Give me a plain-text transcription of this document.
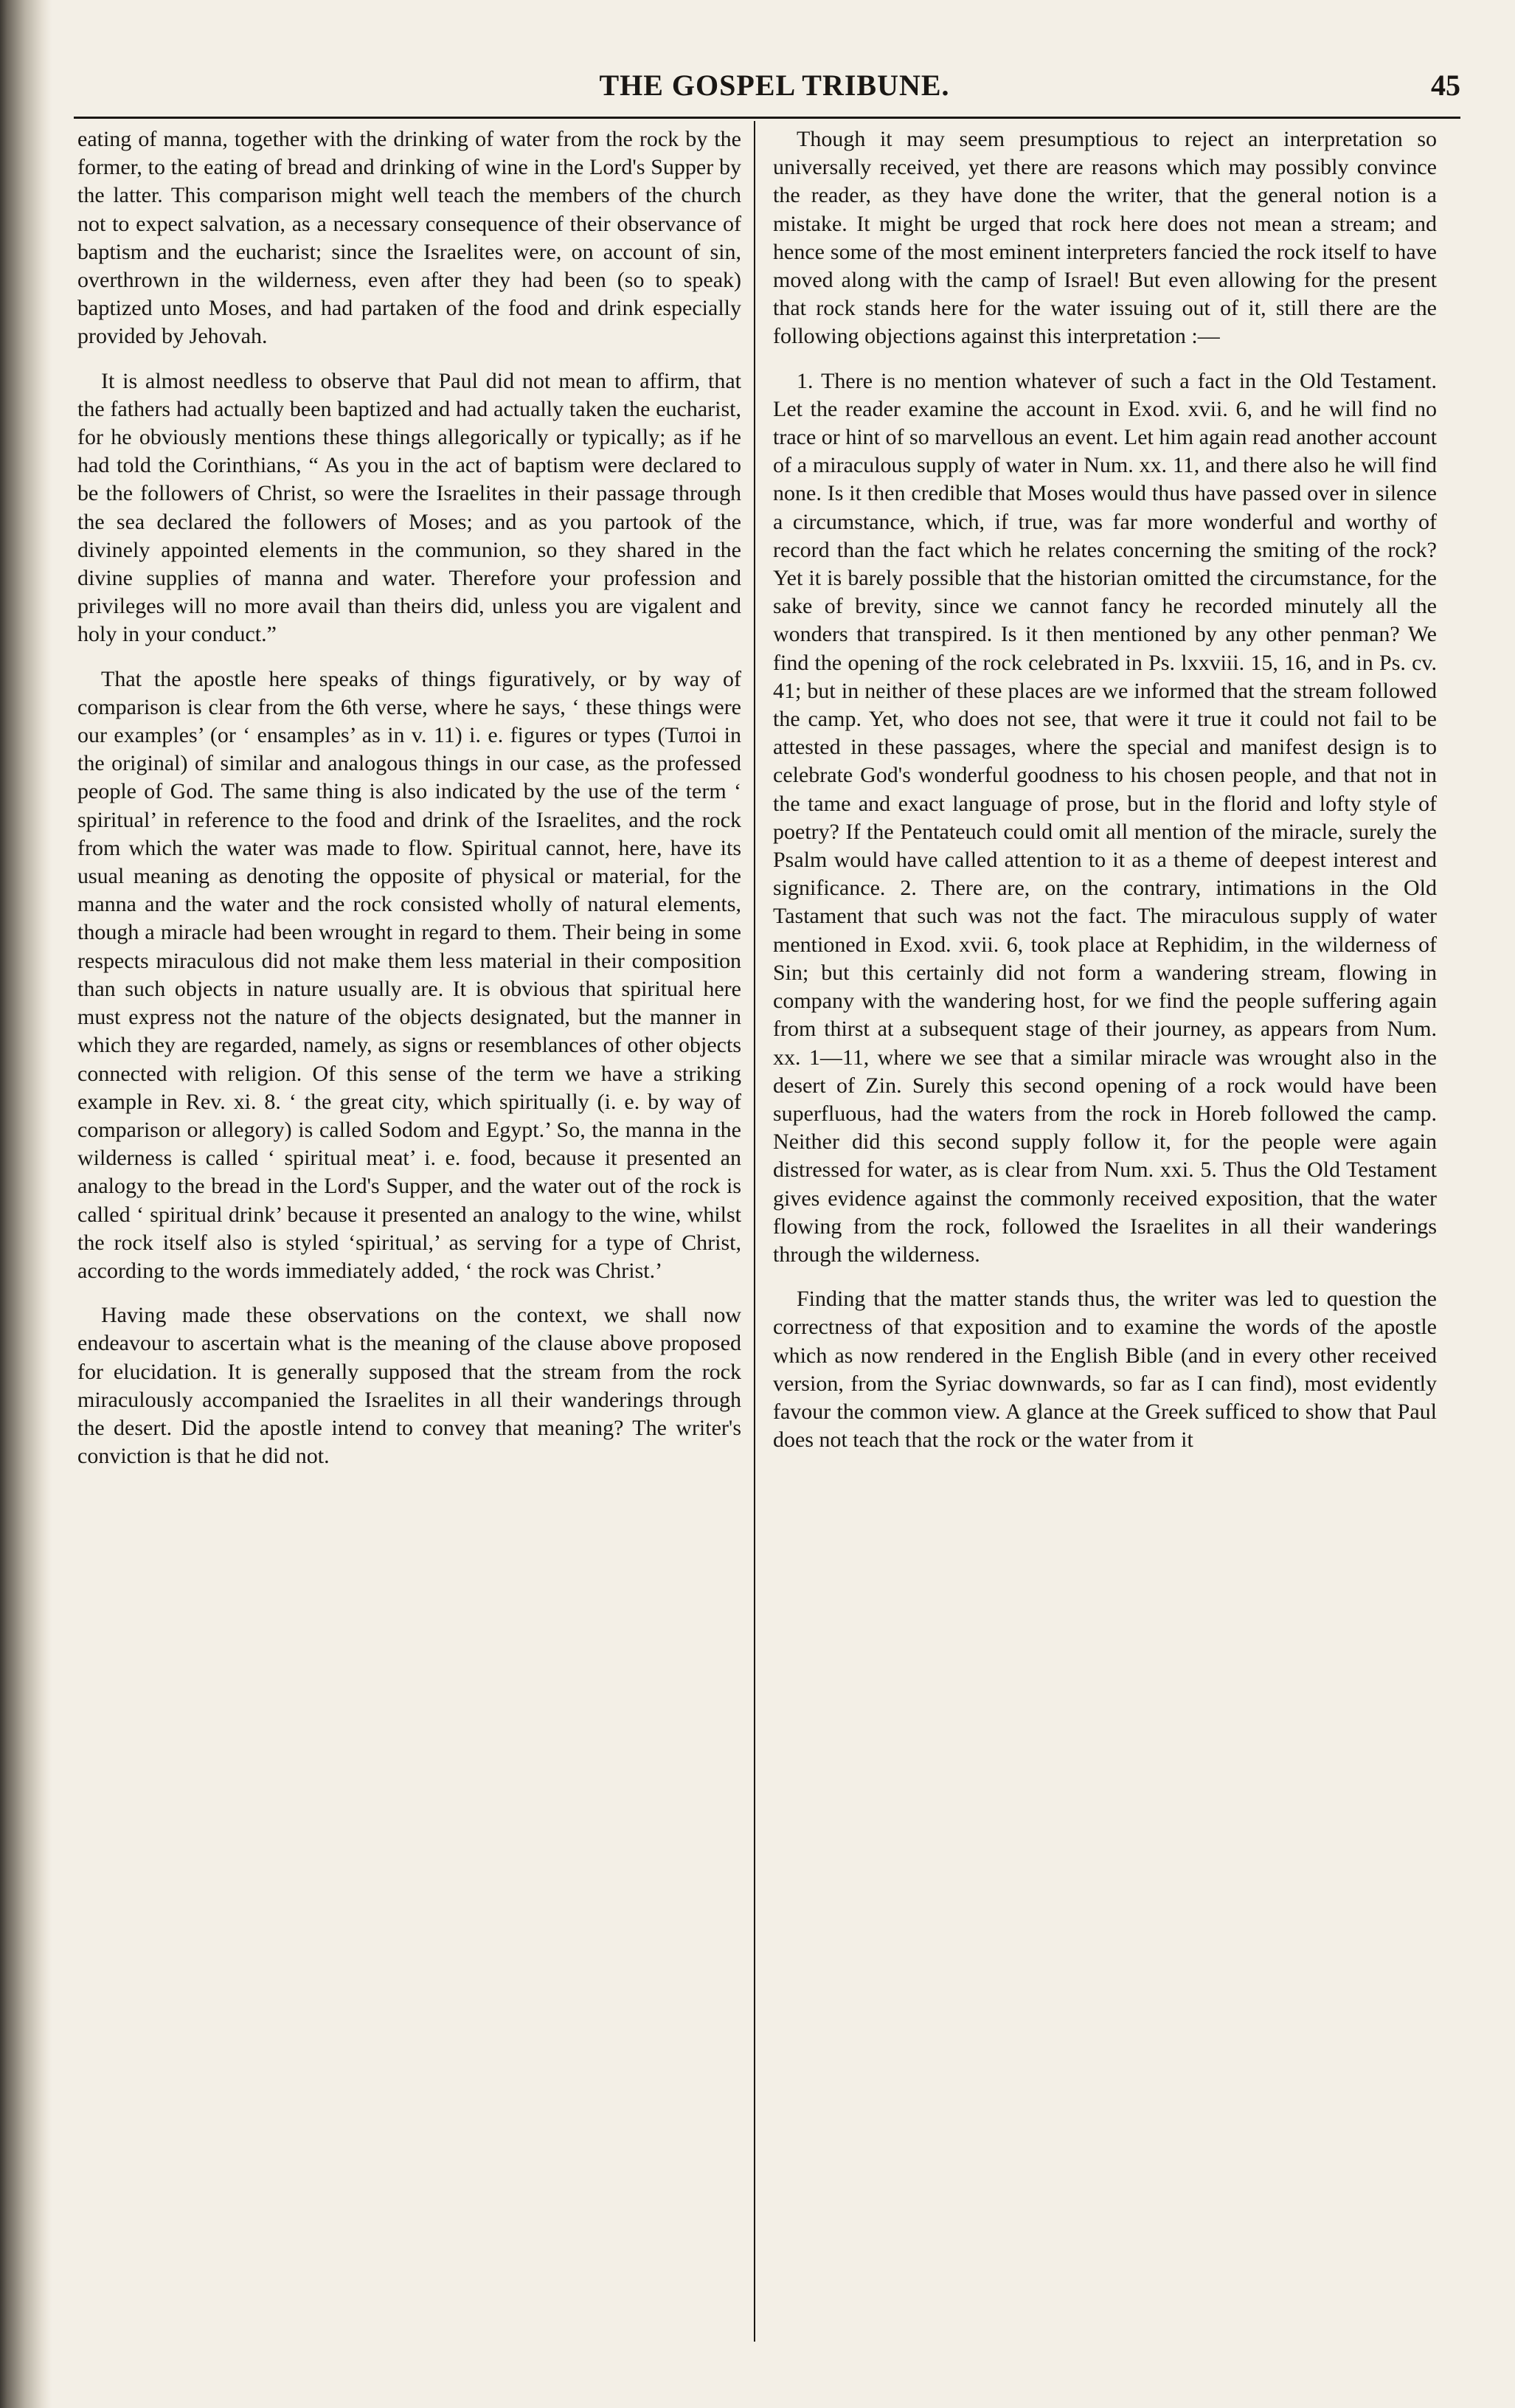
THE GOSPEL TRIBUNE.	45

eating of manna, together with the drinking of water from the rock by the former, to the eating of bread and drinking of wine in the Lord's Supper by the latter. This comparison might well teach the members of the church not to expect salvation, as a necessary consequence of their observance of baptism and the eucharist; since the Israelites were, on account of sin, overthrown in the wilderness, even after they had been (so to speak) baptized unto Moses, and had partaken of the food and drink especially provided by Jehovah.

It is almost needless to observe that Paul did not mean to affirm, that the fathers had actually been baptized and had actually taken the eucharist, for he obviously mentions these things allegorically or typically; as if he had told the Corinthians, “ As you in the act of baptism were declared to be the followers of Christ, so were the Israelites in their passage through the sea declared the followers of Moses; and as you partook of the divinely appointed elements in the communion, so they shared in the divine supplies of manna and water. Therefore your profession and privileges will no more avail than theirs did, unless you are vigalent and holy in your conduct.”

That the apostle here speaks of things figuratively, or by way of comparison is clear from the 6th verse, where he says, ‘ these things were our examples’ (or ‘ ensamples’ as in v. 11) i. e. figures or types (Tuπoi in the original) of similar and analogous things in our case, as the professed people of God. The same thing is also indicated by the use of the term ‘ spiritual’ in reference to the food and drink of the Israelites, and the rock from which the water was made to flow. Spiritual cannot, here, have its usual meaning as denoting the opposite of physical or material, for the manna and the water and the rock consisted wholly of natural elements, though a miracle had been wrought in regard to them. Their being in some respects miraculous did not make them less material in their composition than such objects in nature usually are. It is obvious that spiritual here must express not the nature of the objects designated, but the manner in which they are regarded, namely, as signs or resemblances of other objects connected with religion. Of this sense of the term we have a striking example in Rev. xi. 8. ‘ the great city, which spiritually (i. e. by way of comparison or allegory) is called Sodom and Egypt.’ So, the manna in the wilderness is called ‘ spiritual meat’ i. e. food, because it presented an analogy to the bread in the Lord's Supper, and the water out of the rock is called ‘ spiritual drink’ because it presented an analogy to the wine, whilst the rock itself also is styled ‘spiritual,’ as serving for a type of Christ, according to the words immediately added, ‘ the rock was Christ.’

Having made these observations on the context, we shall now endeavour to ascertain what is the meaning of the clause above proposed for elucidation. It is generally supposed that the stream from the rock miraculously accompanied the Israelites in all their wanderings through the desert. Did the apostle intend to convey that meaning? The writer's conviction is that he did not.

Though it may seem presumptious to reject an interpretation so universally received, yet there are reasons which may possibly convince the reader, as they have done the writer, that the general notion is a mistake. It might be urged that rock here does not mean a stream; and hence some of the most eminent interpreters fancied the rock itself to have moved along with the camp of Israel! But even allowing for the present that rock stands here for the water issuing out of it, still there are the following objections against this interpretation :—

1. There is no mention whatever of such a fact in the Old Testament. Let the reader examine the account in Exod. xvii. 6, and he will find no trace or hint of so marvellous an event. Let him again read another account of a miraculous supply of water in Num. xx. 11, and there also he will find none. Is it then credible that Moses would thus have passed over in silence a circumstance, which, if true, was far more wonderful and worthy of record than the fact which he relates concerning the smiting of the rock? Yet it is barely possible that the historian omitted the circumstance, for the sake of brevity, since we cannot fancy he recorded minutely all the wonders that transpired. Is it then mentioned by any other penman? We find the opening of the rock celebrated in Ps. lxxviii. 15, 16, and in Ps. cv. 41; but in neither of these places are we informed that the stream followed the camp. Yet, who does not see, that were it true it could not fail to be attested in these passages, where the special and manifest design is to celebrate God's wonderful goodness to his chosen people, and that not in the tame and exact language of prose, but in the florid and lofty style of poetry? If the Pentateuch could omit all mention of the miracle, surely the Psalm would have called attention to it as a theme of deepest interest and significance. 2. There are, on the contrary, intimations in the Old Tastament that such was not the fact. The miraculous supply of water mentioned in Exod. xvii. 6, took place at Rephidim, in the wilderness of Sin; but this certainly did not form a wandering stream, flowing in company with the wandering host, for we find the people suffering again from thirst at a subsequent stage of their journey, as appears from Num. xx. 1—11, where we see that a similar miracle was wrought also in the desert of Zin. Surely this second opening of a rock would have been superfluous, had the waters from the rock in Horeb followed the camp. Neither did this second supply follow it, for the people were again distressed for water, as is clear from Num. xxi. 5. Thus the Old Testament gives evidence against the commonly received exposition, that the water flowing from the rock, followed the Israelites in all their wanderings through the wilderness.

Finding that the matter stands thus, the writer was led to question the correctness of that exposition and to examine the words of the apostle which as now rendered in the English Bible (and in every other received version, from the Syriac downwards, so far as I can find), most evidently favour the common view. A glance at the Greek sufficed to show that Paul does not teach that the rock or the water from it
